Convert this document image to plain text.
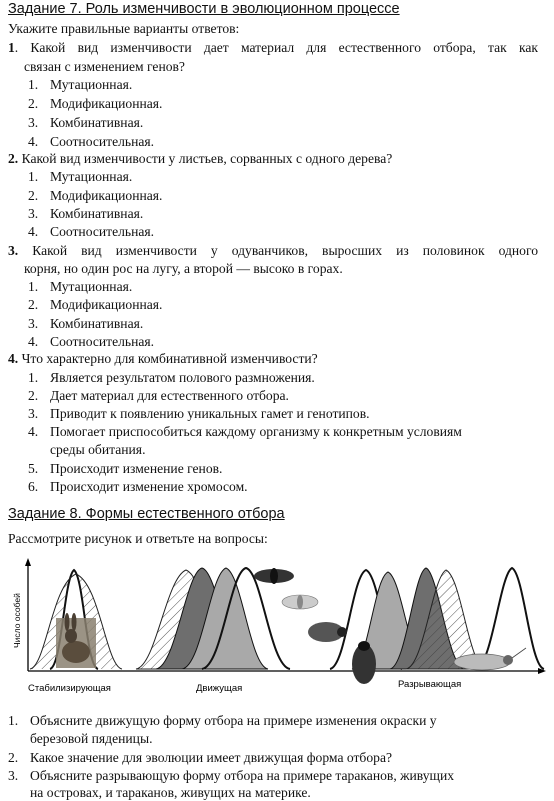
Задание 7. Роль изменчивости в эволюционном процессе
Укажите правильные варианты ответов:
1. Какой вид изменчивости дает материал для естественного отбора, так как
связан с изменением генов?
1. Мутационная.
2. Модификационная.
3. Комбинативная.
4. Соотносительная.
2. Какой вид изменчивости у листьев, сорванных с одного дерева?
1. Мутационная.
2. Модификационная.
3. Комбинативная.
4. Соотносительная.
3. Какой вид изменчивости у одуванчиков, выросших из половинок одного
корня, но один рос на лугу, а второй — высоко в горах.
1. Мутационная.
2. Модификационная.
3. Комбинативная.
4. Соотносительная.
4. Что характерно для комбинативной изменчивости?
1. Является результатом полового размножения.
2. Дает материал для естественного отбора.
3. Приводит к появлению уникальных гамет и генотипов.
4. Помогает приспособиться каждому организму к конкретным условиям
среды обитания.
5. Происходит изменение генов.
6. Происходит изменение хромосом.
Задание 8. Формы естественного отбора
Рассмотрите рисунок и ответьте на вопросы:
Стабилизирующая	Движущая	Разрывающая
Число особей
1. Объясните движущую форму отбора на примере изменения окраски у
березовой пяденицы.
2. Какое значение для эволюции имеет движущая форма отбора?
3. Объясните разрывающую форму отбора на примере тараканов, живущих
на островах, и тараканов, живущих на материке.
